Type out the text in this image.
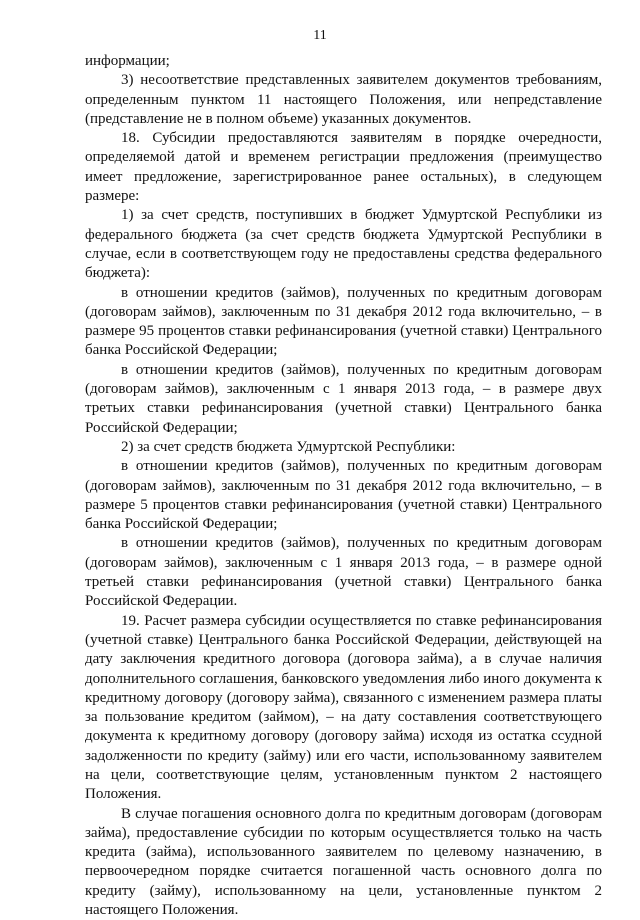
11

информации;

3) несоответствие представленных заявителем документов требованиям, определенным пунктом 11 настоящего Положения, или непредставление (представление не в полном объеме) указанных документов.

18. Субсидии предоставляются заявителям в порядке очередности, определяемой датой и временем регистрации предложения (преимущество имеет предложение, зарегистрированное ранее остальных), в следующем размере:

1) за счет средств, поступивших в бюджет Удмуртской Республики из федерального бюджета (за счет средств бюджета Удмуртской Республики в случае, если в соответствующем году не предоставлены средства федерального бюджета):

в отношении кредитов (займов), полученных по кредитным договорам (договорам займов), заключенным по 31 декабря 2012 года включительно, – в размере 95 процентов ставки рефинансирования (учетной ставки) Центрального банка Российской Федерации;

в отношении кредитов (займов), полученных по кредитным договорам (договорам займов), заключенным с 1 января 2013 года, – в размере двух третьих ставки рефинансирования (учетной ставки) Центрального банка Российской Федерации;

2) за счет средств бюджета Удмуртской Республики:

в отношении кредитов (займов), полученных по кредитным договорам (договорам займов), заключенным по 31 декабря 2012 года включительно, – в размере 5 процентов ставки рефинансирования (учетной ставки) Центрального банка Российской Федерации;

в отношении кредитов (займов), полученных по кредитным договорам (договорам займов), заключенным с 1 января 2013 года, – в размере одной третьей ставки рефинансирования (учетной ставки) Центрального банка Российской Федерации.

19. Расчет размера субсидии осуществляется по ставке рефинансирования (учетной ставке) Центрального банка Российской Федерации, действующей на дату заключения кредитного договора (договора займа), а в случае наличия дополнительного соглашения, банковского уведомления либо иного документа к кредитному договору (договору займа), связанного с изменением размера платы за пользование кредитом (займом), – на дату составления соответствующего документа к кредитному договору (договору займа) исходя из остатка ссудной задолженности по кредиту (займу) или его части, использованному заявителем на цели, соответствующие целям, установленным пунктом 2 настоящего Положения.

В случае погашения основного долга по кредитным договорам (договорам займа), предоставление субсидии по которым осуществляется только на часть кредита (займа), использованного заявителем по целевому назначению, в первоочередном порядке считается погашенной часть основного долга по кредиту (займу), использованному на цели, установленные пунктом 2 настоящего Положения.
